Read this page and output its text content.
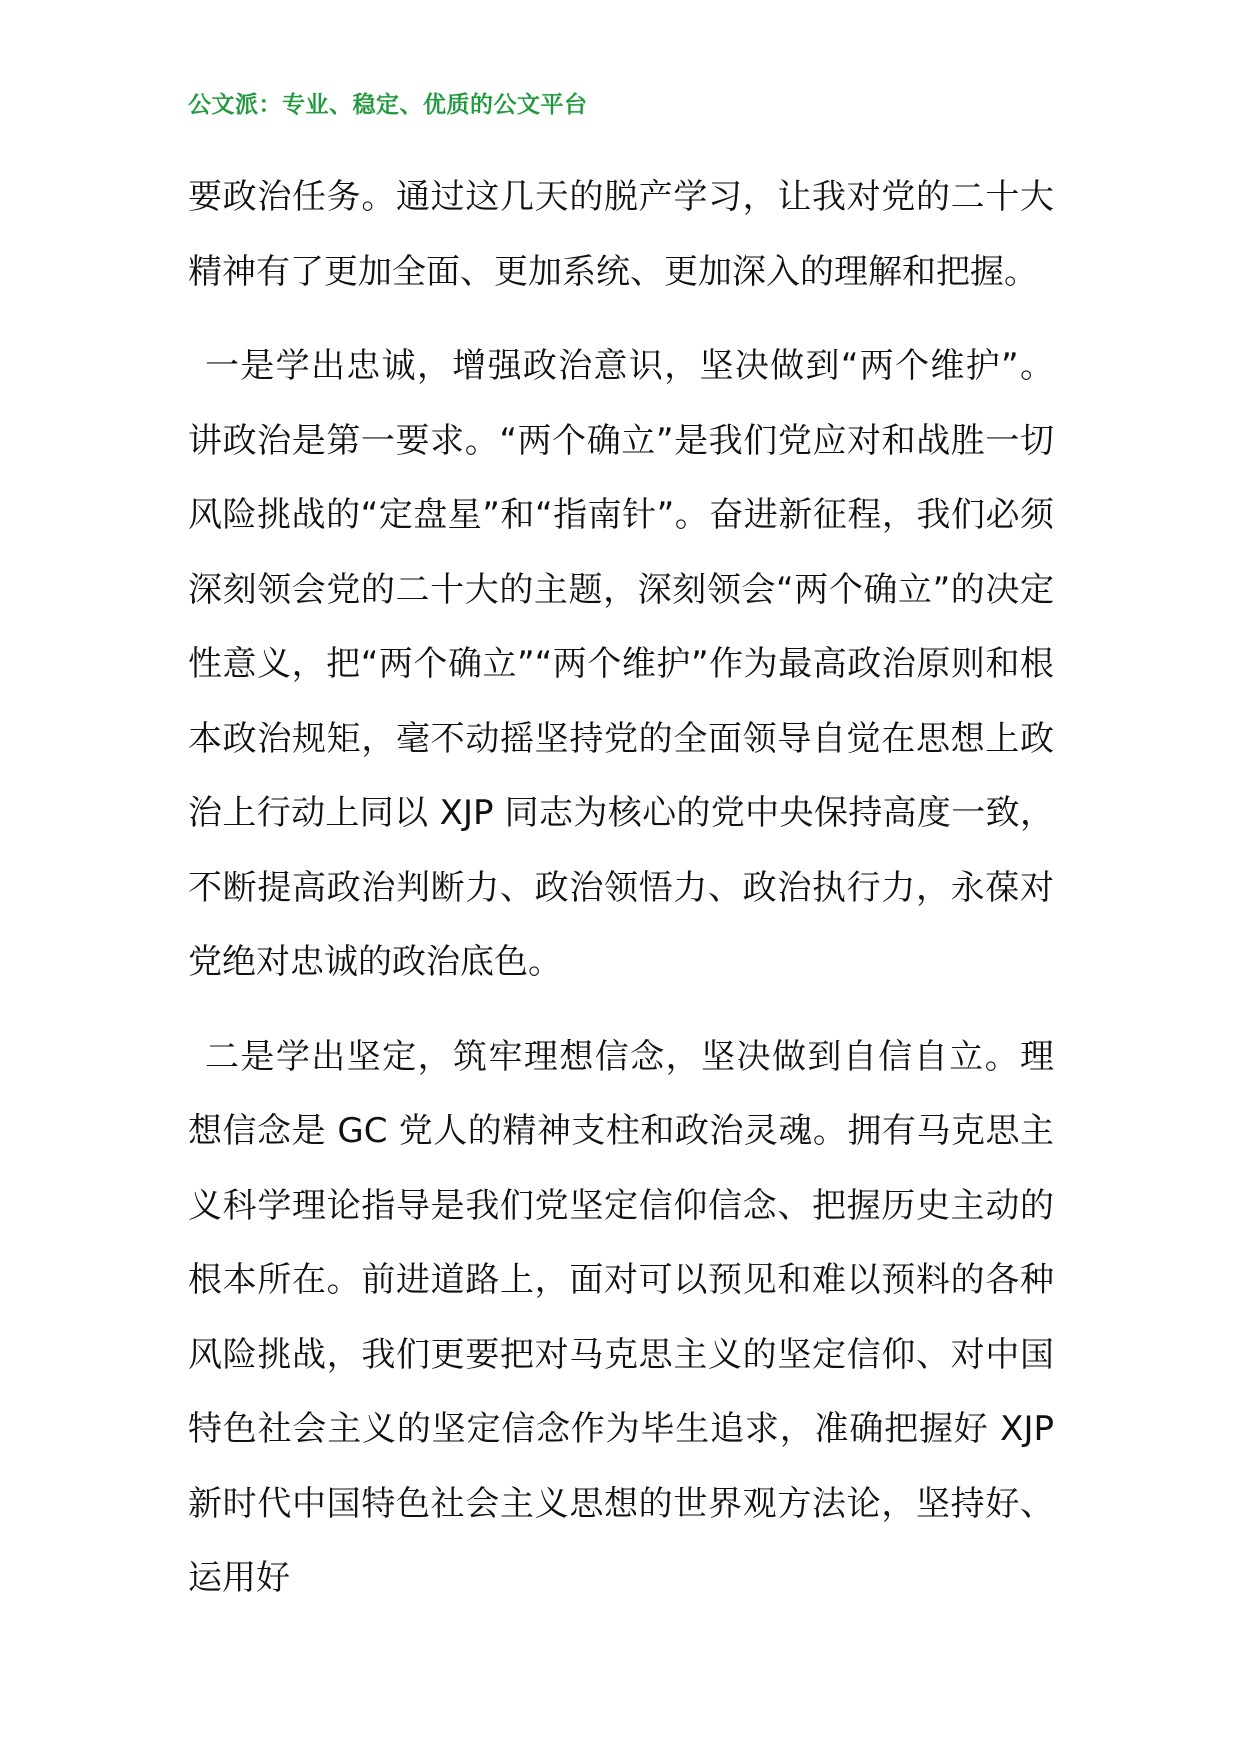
公文派：专业、稳定、优质的公文平台

要政治任务。通过这几天的脱产学习，让我对党的二十大精神有了更加全面、更加系统、更加深入的理解和把握。

一是学出忠诚，增强政治意识，坚决做到“两个维护”。讲政治是第一要求。“两个确立”是我们党应对和战胜一切风险挑战的“定盘星”和“指南针”。奋进新征程，我们必须深刻领会党的二十大的主题，深刻领会“两个确立”的决定性意义，把“两个确立”“两个维护”作为最高政治原则和根本政治规矩，毫不动摇坚持党的全面领导自觉在思想上政治上行动上同以 XJP 同志为核心的党中央保持高度一致，不断提高政治判断力、政治领悟力、政治执行力，永葆对党绝对忠诚的政治底色。

二是学出坚定，筑牢理想信念，坚决做到自信自立。理想信念是 GC 党人的精神支柱和政治灵魂。拥有马克思主义科学理论指导是我们党坚定信仰信念、把握历史主动的根本所在。前进道路上，面对可以预见和难以预料的各种风险挑战，我们更要把对马克思主义的坚定信仰、对中国特色社会主义的坚定信念作为毕生追求，准确把握好 XJP 新时代中国特色社会主义思想的世界观方法论，坚持好、运用好
